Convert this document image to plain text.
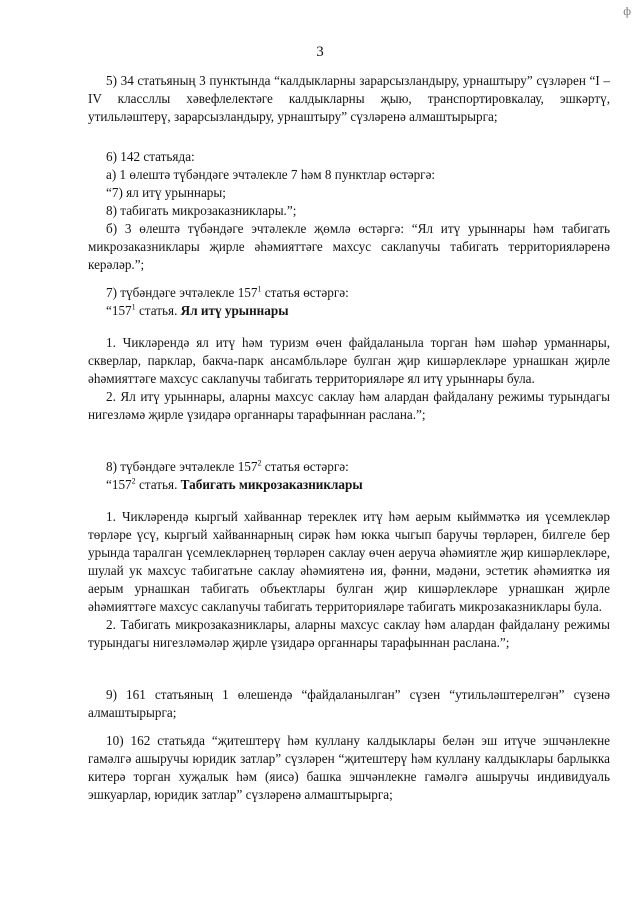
ф
3

5) 34 статьяның 3 пунктында “калдыкларны зарарсызландыру, урнаштыру” сүзләрен “I – IV классллы хәвефлелектәге калдыкларны җыю, транспортировкалау, эшкәртү, утильләштерү, зарарсызландыру, урнаштыру” сүзләренә алмаштырырга;

6) 142 статьяда:

а) 1 өлештә түбәндәге эчтәлекле 7 һәм 8 пунктлар өстәргә:

“7) ял итү урыннары;

8) табигать микрозаказниклары.”;

б) 3 өлештә түбәндәге эчтәлекле җөмлә өстәргә: “Ял итү урыннары һәм табигать микрозаказниклары җирле әһәмияттәге махсус саклanучы табигать территорияләренә керәләр.”;

7) түбәндәге эчтәлекле $157^1$ статья өстәргә:

“$157^1$ статья. Ял итү урыннары

1. Чикләрендә ял итү һәм туризм өчен файдаланыла торган һәм шәһәр урманнары, скверлар, парклар, бакча-парк ансамбльләре булган җир кишәрлекләре урнашкан җирле әһәмияттәге махсус саклanучы табигать территорияләре ял итү урыннары була.

2. Ял итү урыннары, аларны махсус саклау һәм алардан файдалану режимы турындагы нигезләмә җирле үзидарә органнары тарафыннан раслана.”;

8) түбәндәге эчтәлекле $157^2$ статья өстәргә:

“$157^2$ статья. Табигать микрозаказниклары

1. Чикләрендә кыргый хайваннар тереклек итү һәм аерым кыйммәткә ия үсемлекләр төрләре үсү, кыргый хайваннарның сирәк һәм юкка чыгып баручы төрләрен, билгеле бер урында таралган үсемлекләрнең төрләрен саклау өчен аеруча әһәмиятле җир кишәрлекләре, шулай ук махсус табигатьне саклау әһәмиятенә ия, фәнни, мәдәни, эстетик әһәмияткә ия аерым урнашкан табигать объектлары булган җир кишәрлекләре урнашкан җирле әһәмияттәге махсус саклanучы табигать территорияләре табигать микрозаказниклары була.

2. Табигать микрозаказниклары, аларны махсус саклау һәм алардан файдалану режимы турындагы нигезләмәләр җирле үзидарә органнары тарафыннан раслана.”;

9) 161 статьяның 1 өлешендә “файдаланылган” сүзен “утильләштерелгән” сүзенә алмаштырырга;

10) 162 статьяда “җитештерү һәм куллану калдыклары белән эш итүче эшчәнлекне гамәлгә ашыручы юридик затлар” сүзләрен “җитештерү һәм куллану калдыклары барлыкка китерә торган хуҗалык һәм (яисә) башка эшчәнлекне гамәлгә ашыручы индивидуаль эшкуарлар, юридик затлар” сүзләренә алмаштырырга;
